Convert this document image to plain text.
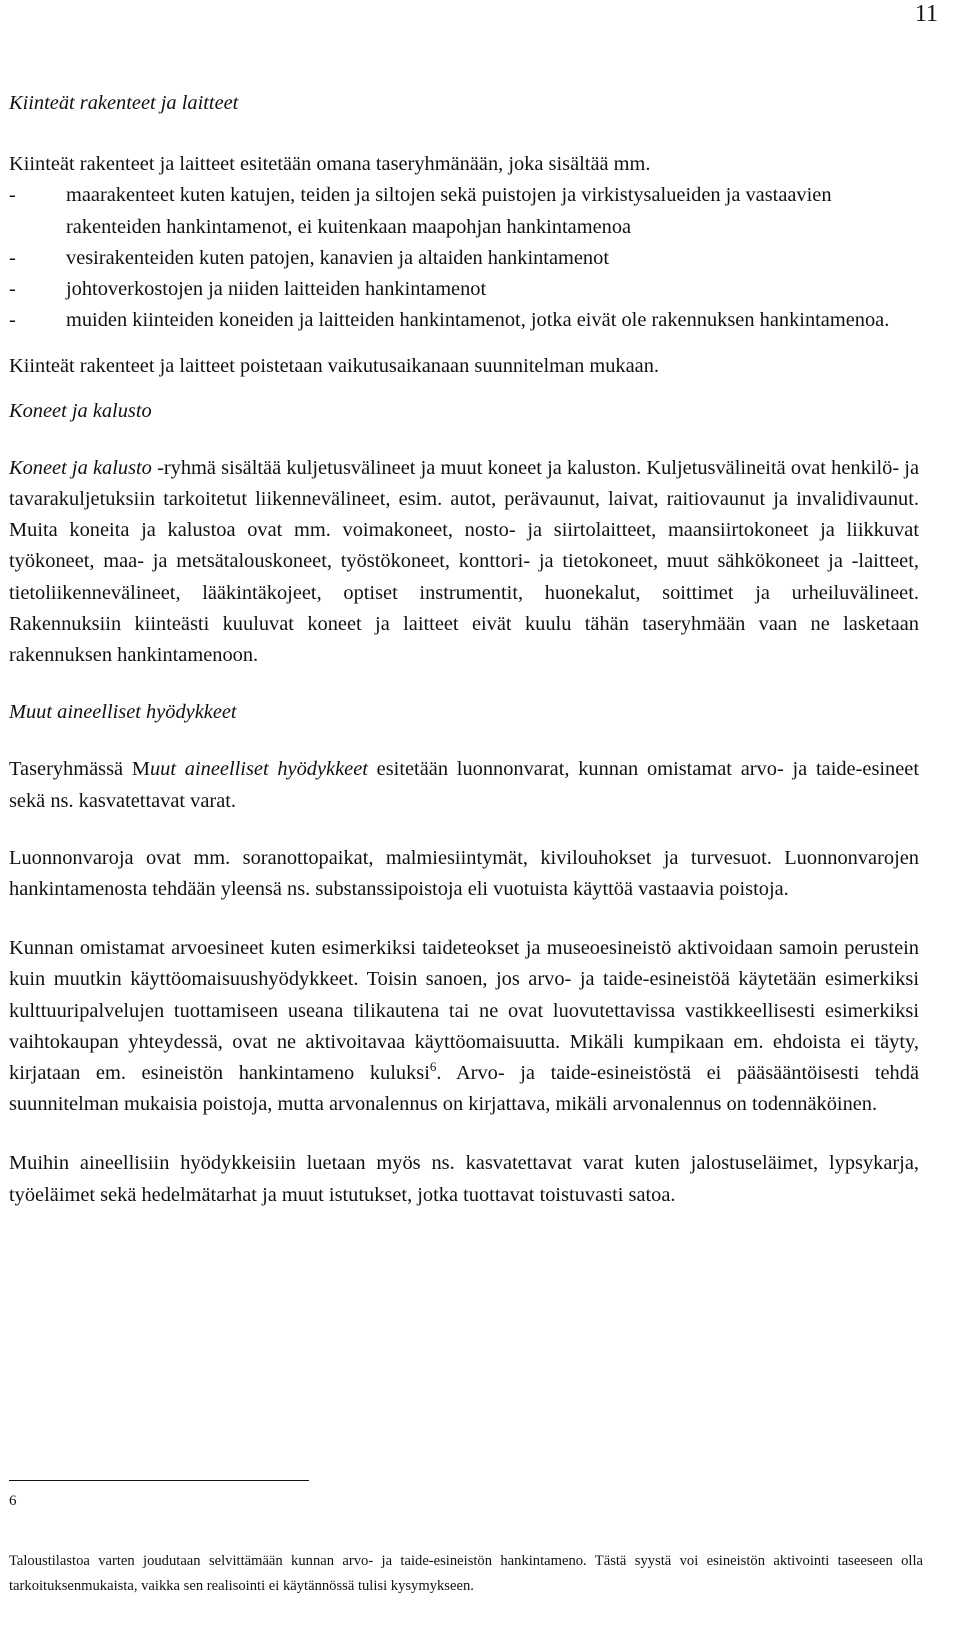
11

Kiinteät rakenteet ja laitteet

Kiinteät rakenteet ja laitteet esitetään omana taseryhmänään, joka sisältää mm.

- maarakenteet kuten katujen, teiden ja siltojen sekä puistojen ja virkistysalueiden ja vastaavien rakenteiden hankintamenot, ei kuitenkaan maapohjan hankintamenoa
- vesirakenteiden kuten patojen, kanavien ja altaiden hankintamenot
- johtoverkostojen ja niiden laitteiden hankintamenot
- muiden kiinteiden koneiden ja laitteiden hankintamenot, jotka eivät ole rakennuksen hankintamenoa.

Kiinteät rakenteet ja laitteet poistetaan vaikutusaikanaan suunnitelman mukaan.

Koneet ja kalusto

Koneet ja kalusto -ryhmä sisältää kuljetusvälineet ja muut koneet ja kaluston. Kuljetusvälineitä ovat henkilö- ja tavarakuljetuksiin tarkoitetut liikennevälineet, esim. autot, perävaunut, laivat, raitiovaunut ja invalidivaunut. Muita koneita ja kalustoa ovat mm. voimakoneet, nosto- ja siirtolaitteet, maansiirtokoneet ja liikkuvat työkoneet, maa- ja metsätalouskoneet, työstökoneet, konttori- ja tietokoneet, muut sähkökoneet ja -laitteet, tietoliikennevälineet, lääkintäkojeet, optiset instrumentit, huonekalut, soittimet ja urheiluvälineet. Rakennuksiin kiinteästi kuuluvat koneet ja laitteet eivät kuulu tähän taseryhmään vaan ne lasketaan rakennuksen hankintamenoon.

Muut aineelliset hyödykkeet

Taseryhmässä Muut aineelliset hyödykkeet esitetään luonnonvarat, kunnan omistamat arvo- ja taide-esineet sekä ns. kasvatettavat varat.

Luonnonvaroja ovat mm. soranottopaikat, malmiesiintymät, kivilouhokset ja turvesuot. Luonnonvarojen hankintamenosta tehdään yleensä ns. substanssipoistoja eli vuotuista käyttöä vastaavia poistoja.

Kunnan omistamat arvoesineet kuten esimerkiksi taideteokset ja museoesineistö aktivoidaan samoin perustein kuin muutkin käyttöomaisuushyödykkeet. Toisin sanoen, jos arvo- ja taide-esineistöä käytetään esimerkiksi kulttuuripalvelujen tuottamiseen useana tilikautena tai ne ovat luovutettavissa vastikkeellisesti esimerkiksi vaihtokaupan yhteydessä, ovat ne aktivoitavaa käyttöomaisuutta. Mikäli kumpikaan em. ehdoista ei täyty, kirjataan em. esineistön hankintameno kuluksi$^6$. Arvo- ja taide-esineistöstä ei pääsääntöisesti tehdä suunnitelman mukaisia poistoja, mutta arvonalennus on kirjattava, mikäli arvonalennus on todennäköinen.

Muihin aineellisiin hyödykkeisiin luetaan myös ns. kasvatettavat varat kuten jalostuseläimet, lypsykarja, työeläimet sekä hedelmätarhat ja muut istutukset, jotka tuottavat toistuvasti satoa.

6
Taloustilastoa varten joudutaan selvittämään kunnan arvo- ja taide-esineistön hankintameno. Tästä syystä voi esineistön aktivointi taseeseen olla tarkoituksenmukaista, vaikka sen realisointi ei käytännössä tulisi kysymykseen.
